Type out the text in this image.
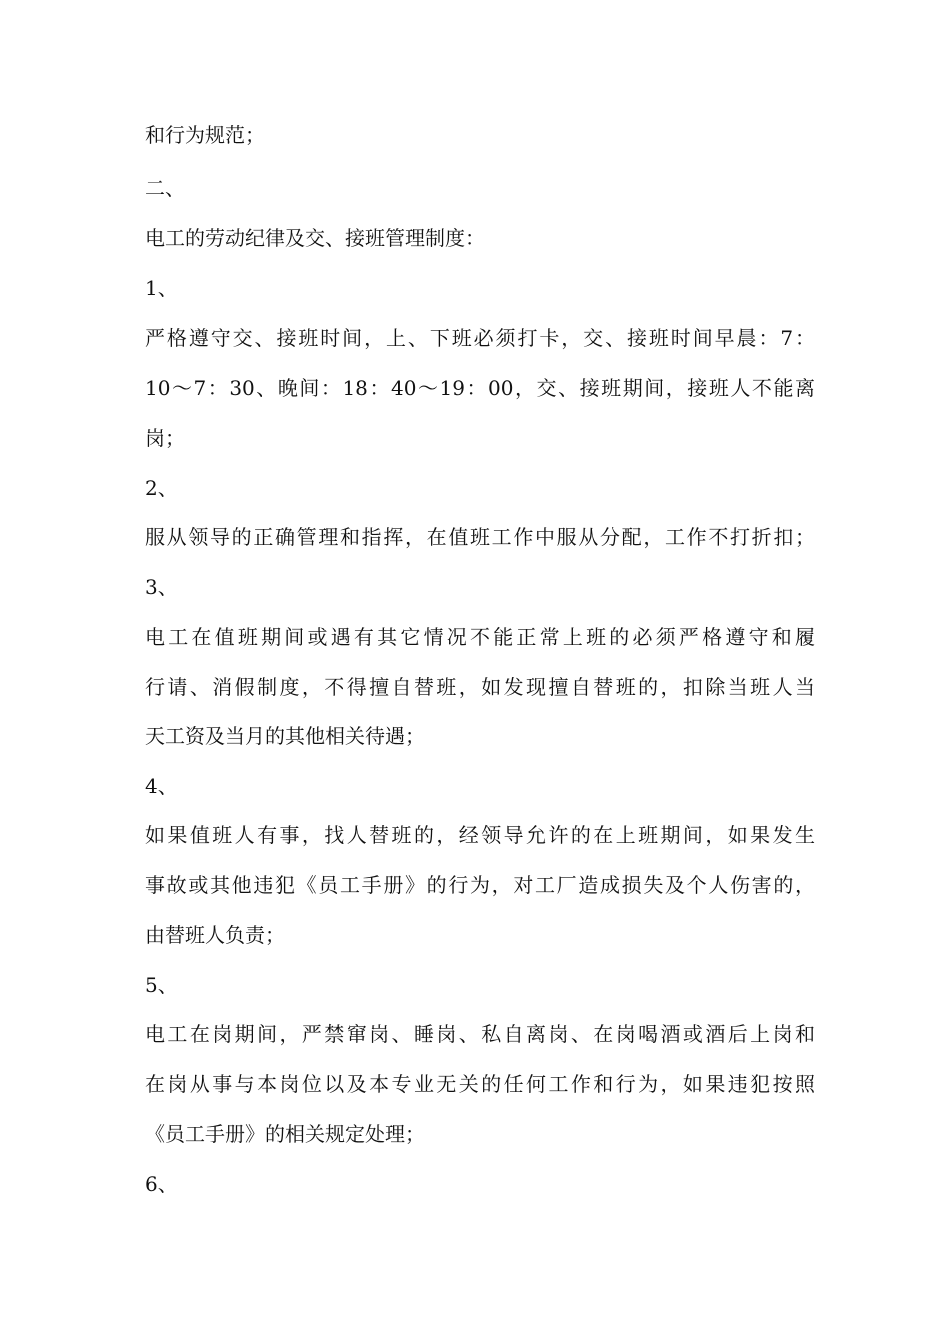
和行为规范；

二、

电工的劳动纪律及交、接班管理制度：

1、

严格遵守交、接班时间，上、下班必须打卡，交、接班时间早晨：7：

10～7：30、晚间：18：40～19：00，交、接班期间，接班人不能离

岗；

2、

服从领导的正确管理和指挥，在值班工作中服从分配，工作不打折扣；

3、

电工在值班期间或遇有其它情况不能正常上班的必须严格遵守和履

行请、消假制度，不得擅自替班，如发现擅自替班的，扣除当班人当

天工资及当月的其他相关待遇；

4、

如果值班人有事，找人替班的，经领导允许的在上班期间，如果发生

事故或其他违犯《员工手册》的行为，对工厂造成损失及个人伤害的，

由替班人负责；

5、

电工在岗期间，严禁窜岗、睡岗、私自离岗、在岗喝酒或酒后上岗和

在岗从事与本岗位以及本专业无关的任何工作和行为，如果违犯按照

《员工手册》的相关规定处理；

6、
